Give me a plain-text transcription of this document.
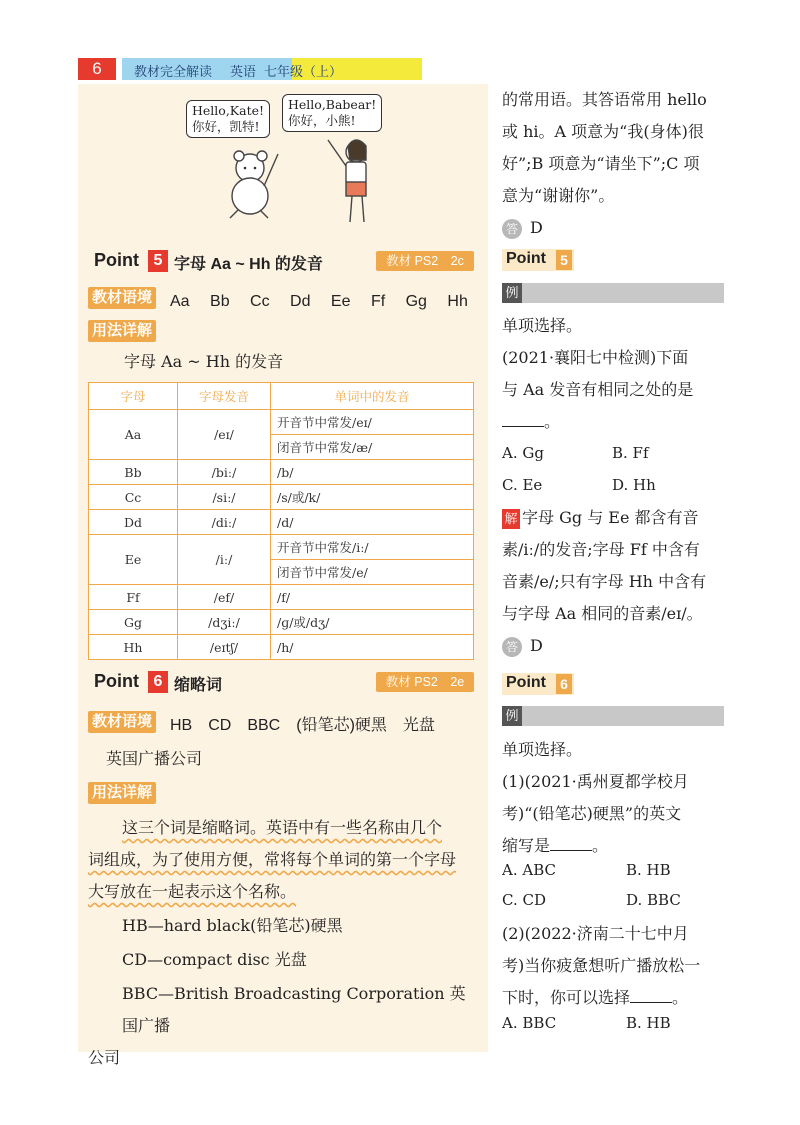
6	教材完全解读 英语 七年级（上）
Hello,Kate!
你好，凯特!
Hello,Babear!
你好，小熊!
Point 5 字母 Aa ~ Hh 的发音	教材 PS2　2c
教材语境 Aa　 Bb　 Cc　 Dd　 Ee　 Ff　 Gg　 Hh
用法详解
字母 Aa ~ Hh 的发音
字母	字母发音	单词中的发音
Aa	/eɪ/	开音节中常发/eɪ/
		闭音节中常发/æ/
Bb	/biː/	/b/
Cc	/siː/	/s/或/k/
Dd	/diː/	/d/
Ee	/iː/	开音节中常发/iː/
		闭音节中常发/e/
Ff	/ef/	/f/
Gg	/dʒiː/	/ɡ/或/dʒ/
Hh	/eɪtʃ/	/h/
Point 6 缩略词	教材 PS2　2e
教材语境 HB　CD　BBC　(铅笔芯)硬黑　光盘
英国广播公司
用法详解
这三个词是缩略词。英语中有一些名称由几个
词组成，为了使用方便，常将每个单词的第一个字母
大写放在一起表示这个名称。
HB—hard black(铅笔芯)硬黑
CD—compact disc 光盘
BBC—British Broadcasting Corporation 英国广播
公司
的常用语。其答语常用 hello
或 hi。A 项意为“我(身体)很
好”;B 项意为“请坐下”;C 项
意为“谢谢你”。
答 D
Point 5
例
单项选择。
(2021·襄阳七中检测)下面
与 Aa 发音有相同之处的是
。
A. Gg	B. Ff
C. Ee	D. Hh
解 字母 Gg 与 Ee 都含有音
素/iː/的发音;字母 Ff 中含有
音素/e/;只有字母 Hh 中含有
与字母 Aa 相同的音素/eɪ/。
答 D
Point 6
例
单项选择。
(1)(2021·禹州夏都学校月
考)“(铅笔芯)硬黑”的英文
缩写是	。
A. ABC	B. HB
C. CD	D. BBC
(2)(2022·济南二十七中月
考)当你疲惫想听广播放松一
下时，你可以选择	。
A. BBC	B. HB
